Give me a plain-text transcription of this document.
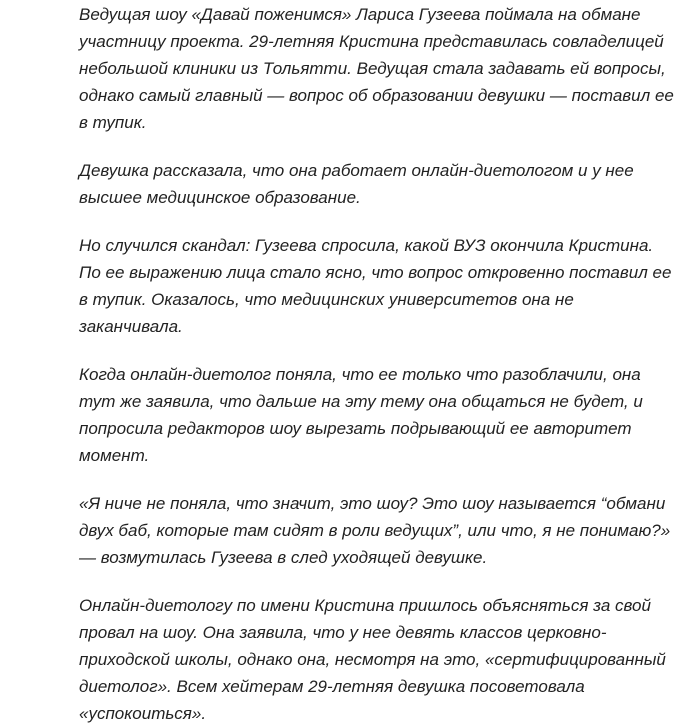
Ведущая шоу «Давай поженимся» Лариса Гузеева поймала на обмане
участницу проекта. 29-летняя Кристина представилась совладелицей
небольшой клиники из Тольятти. Ведущая стала задавать ей вопросы,
однако самый главный — вопрос об образовании девушки — поставил ее
в тупик.
Девушка рассказала, что она работает онлайн-диетологом и у нее
высшее медицинское образование.
Но случился скандал: Гузеева спросила, какой ВУЗ окончила Кристина.
По ее выражению лица стало ясно, что вопрос откровенно поставил ее
в тупик. Оказалось, что медицинских университетов она не
заканчивала.
Когда онлайн-диетолог поняла, что ее только что разоблачили, она
тут же заявила, что дальше на эту тему она общаться не будет, и
попросила редакторов шоу вырезать подрывающий ее авторитет
момент.
«Я ниче не поняла, что значит, это шоу? Это шоу называется “обмани
двух баб, которые там сидят в роли ведущих”, или что, я не понимаю?»
— возмутилась Гузеева в след уходящей девушке.
Онлайн-диетологу по имени Кристина пришлось объясняться за свой
провал на шоу. Она заявила, что у нее девять классов церковно-
приходской школы, однако она, несмотря на это, «сертифицированный
диетолог». Всем хейтерам 29-летняя девушка посоветовала
«успокоиться».
